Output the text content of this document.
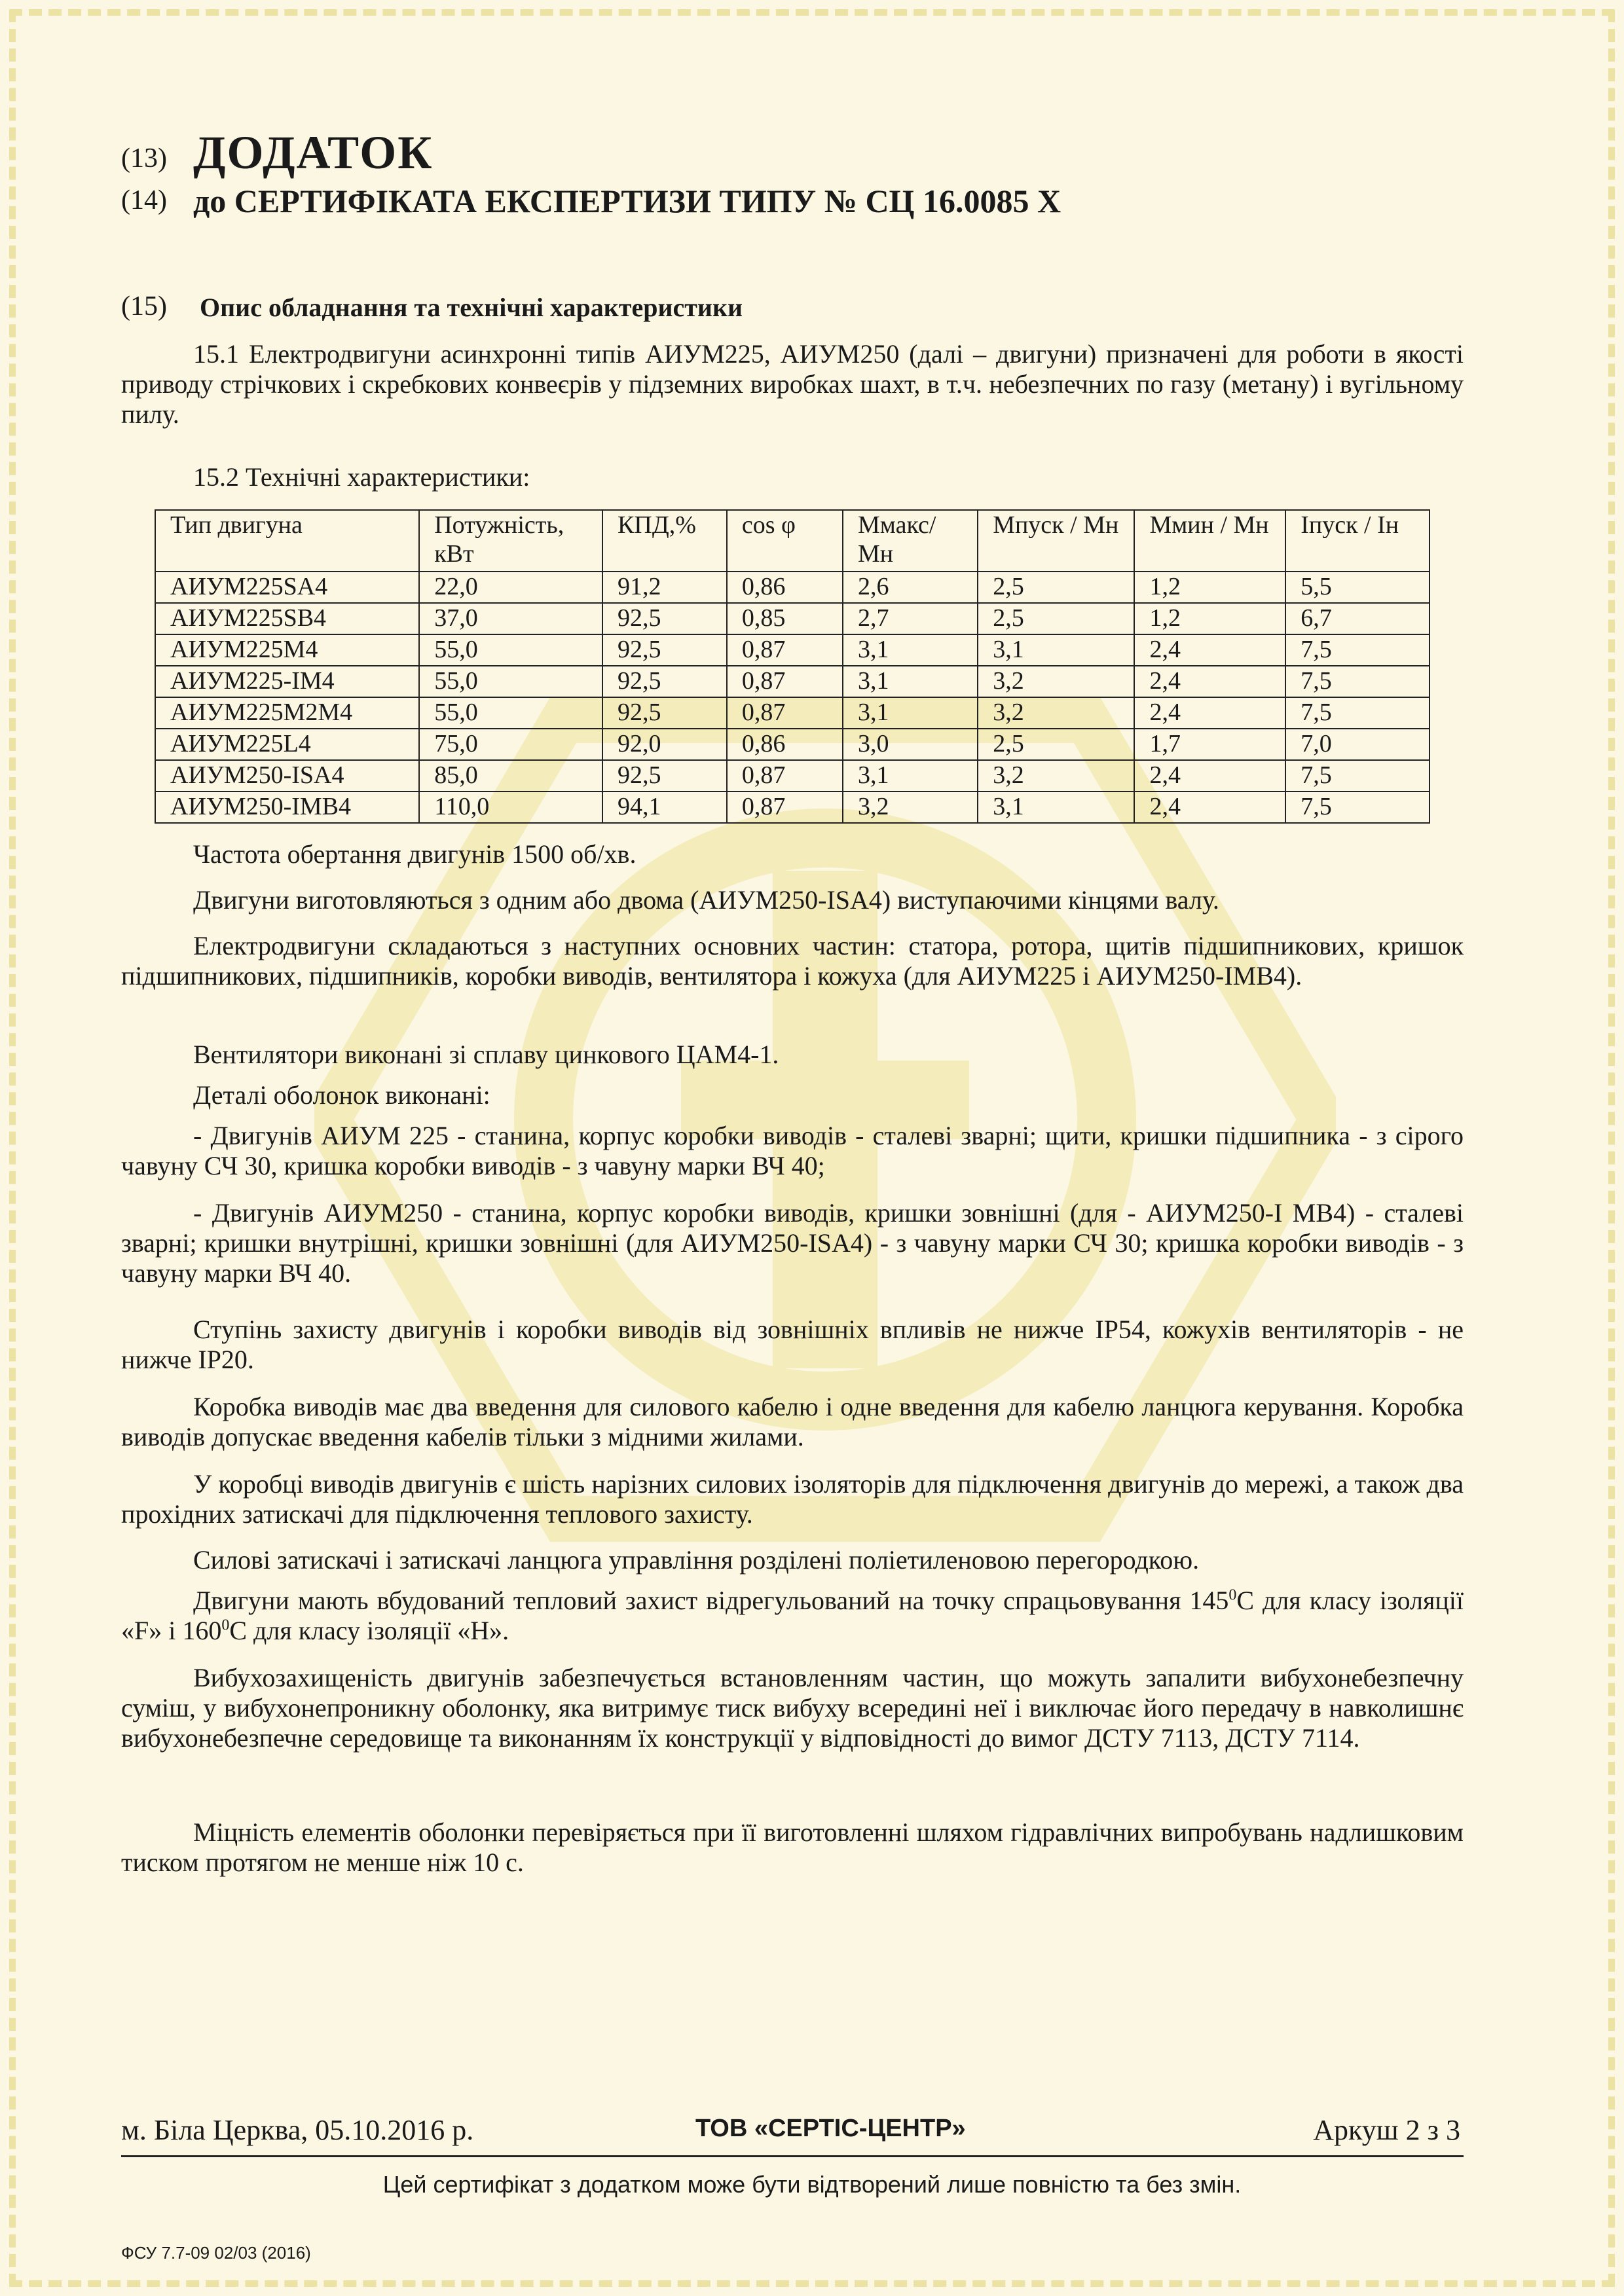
(13)
(14)
ДОДАТОК
до СЕРТИФІКАТА ЕКСПЕРТИЗИ ТИПУ № СЦ 16.0085 Х
(15) Опис обладнання та технічні характеристики
15.1 Електродвигуни асинхронні типів АИУМ225, АИУМ250 (далі – двигуни) призначені для роботи в якості приводу стрічкових і скребкових конвеєрів у підземних виробках шахт, в т.ч. небезпечних по газу (метану) і вугільному пилу.
15.2 Технічні характеристики:
Тип двигуна	Потужність, кВт	КПД,%	cos φ	Ммакс/ Мн	Мпуск / Мн	Ммин / Мн	Іпуск / Ін
АИУМ225SA4	22,0	91,2	0,86	2,6	2,5	1,2	5,5
АИУМ225SB4	37,0	92,5	0,85	2,7	2,5	1,2	6,7
АИУМ225М4	55,0	92,5	0,87	3,1	3,1	2,4	7,5
АИУМ225-IМ4	55,0	92,5	0,87	3,1	3,2	2,4	7,5
АИУМ225М2М4	55,0	92,5	0,87	3,1	3,2	2,4	7,5
АИУМ225L4	75,0	92,0	0,86	3,0	2,5	1,7	7,0
АИУМ250-ISA4	85,0	92,5	0,87	3,1	3,2	2,4	7,5
АИУМ250-IМВ4	110,0	94,1	0,87	3,2	3,1	2,4	7,5
Частота обертання двигунів 1500 об/хв.
Двигуни виготовляються з одним або двома (АИУМ250-ISA4) виступаючими кінцями валу.
Електродвигуни складаються з наступних основних частин: статора, ротора, щитів підшипникових, кришок підшипникових, підшипників, коробки виводів, вентилятора і кожуха (для АИУМ225 і АИУМ250-IМВ4).
Вентилятори виконані зі сплаву цинкового ЦАМ4-1.
Деталі оболонок виконані:
- Двигунів АИУМ 225 - станина, корпус коробки виводів - сталеві зварні; щити, кришки підшипника - з сірого чавуну СЧ 30, кришка коробки виводів - з чавуну марки ВЧ 40;
- Двигунів АИУМ250 - станина, корпус коробки виводів, кришки зовнішні (для - АИУМ250-I МВ4) - сталеві зварні; кришки внутрішні, кришки зовнішні (для АИУМ250-ISA4) - з чавуну марки СЧ 30; кришка коробки виводів - з чавуну марки ВЧ 40.
Ступінь захисту двигунів і коробки виводів від зовнішніх впливів не нижче IP54, кожухів вентиляторів - не нижче IP20.
Коробка виводів має два введення для силового кабелю і одне введення для кабелю ланцюга керування. Коробка виводів допускає введення кабелів тільки з мідними жилами.
У коробці виводів двигунів є шість нарізних силових ізоляторів для підключення двигунів до мережі, а також два прохідних затискачі для підключення теплового захисту.
Силові затискачі і затискачі ланцюга управління розділені поліетиленовою перегородкою.
Двигуни мають вбудований тепловий захист відрегульований на точку спрацьовування $145^0С$ для класу ізоляції «F» і $160^0С$ для класу ізоляції «Н».
Вибухозахищеність двигунів забезпечується встановленням частин, що можуть запалити вибухонебезпечну суміш, у вибухонепроникну оболонку, яка витримує тиск вибуху всередині неї і виключає його передачу в навколишнє вибухонебезпечне середовище та виконанням їх конструкції у відповідності до вимог ДСТУ 7113, ДСТУ 7114.
Міцність елементів оболонки перевіряється при її виготовленні шляхом гідравлічних випробувань надлишковим тиском протягом не менше ніж 10 с.
м. Біла Церква, 05.10.2016 р.	ТОВ «СЕРТІС-ЦЕНТР»	Аркуш 2 з 3
Цей сертифікат з додатком може бути відтворений лише повністю та без змін.
ФСУ 7.7-09 02/03 (2016)
